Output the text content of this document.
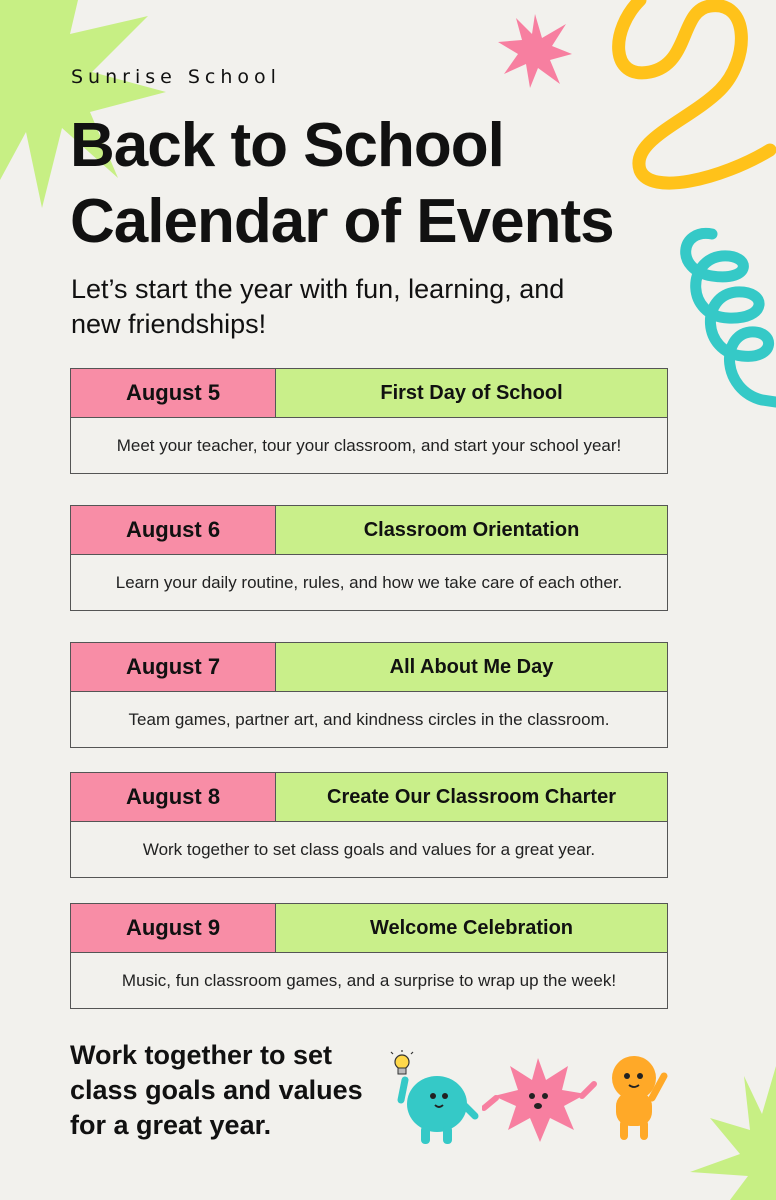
Sunrise School

Back to School
Calendar of Events

Let’s start the year with fun, learning, and new friendships!

August 5	First Day of School
Meet your teacher, tour your classroom, and start your school year!
August 6	Classroom Orientation
Learn your daily routine, rules, and how we take care of each other.
August 7	All About Me Day
Team games, partner art, and kindness circles in the classroom.
August 8	Create Our Classroom Charter
Work together to set class goals and values for a great year.
August 9	Welcome Celebration
Music, fun classroom games, and a surprise to wrap up the week!

Work together to set class goals and values for a great year.
